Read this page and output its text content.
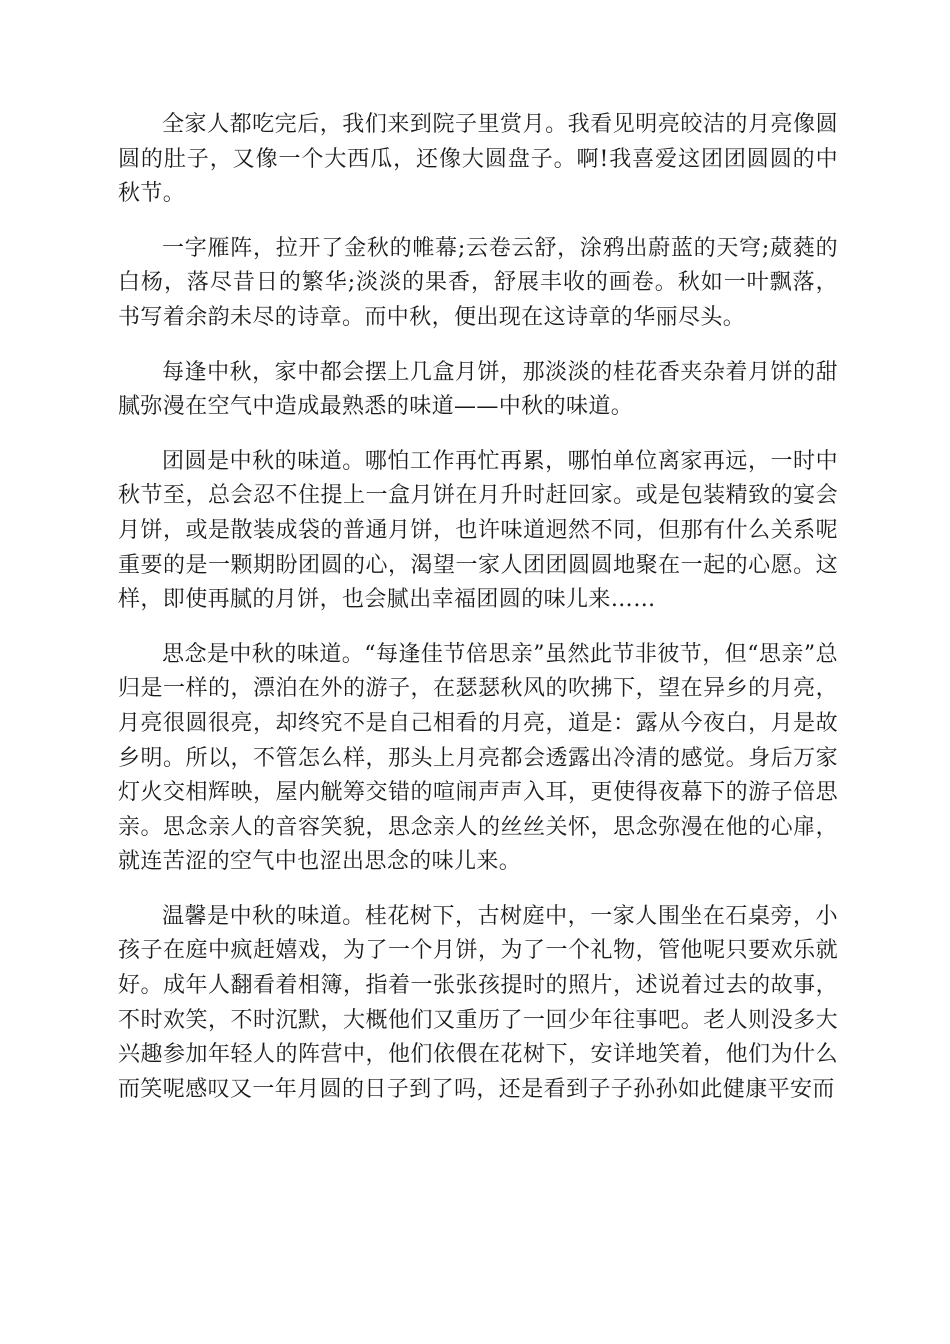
全家人都吃完后，我们来到院子里赏月。我看见明亮皎洁的月亮像圆圆的肚子，又像一个大西瓜，还像大圆盘子。啊!我喜爱这团团圆圆的中秋节。

一字雁阵，拉开了金秋的帷幕;云卷云舒，涂鸦出蔚蓝的天穹;葳蕤的白杨，落尽昔日的繁华;淡淡的果香，舒展丰收的画卷。秋如一叶飘落，书写着余韵未尽的诗章。而中秋，便出现在这诗章的华丽尽头。

每逢中秋，家中都会摆上几盒月饼，那淡淡的桂花香夹杂着月饼的甜腻弥漫在空气中造成最熟悉的味道——中秋的味道。

团圆是中秋的味道。哪怕工作再忙再累，哪怕单位离家再远，一时中秋节至，总会忍不住提上一盒月饼在月升时赶回家。或是包装精致的宴会月饼，或是散装成袋的普通月饼，也许味道迥然不同，但那有什么关系呢重要的是一颗期盼团圆的心，渴望一家人团团圆圆地聚在一起的心愿。这样，即使再腻的月饼，也会腻出幸福团圆的味儿来……

思念是中秋的味道。“每逢佳节倍思亲”虽然此节非彼节，但“思亲”总归是一样的，漂泊在外的游子，在瑟瑟秋风的吹拂下，望在异乡的月亮，月亮很圆很亮，却终究不是自己相看的月亮，道是：露从今夜白，月是故乡明。所以，不管怎么样，那头上月亮都会透露出冷清的感觉。身后万家灯火交相辉映，屋内觥筹交错的喧闹声声入耳，更使得夜幕下的游子倍思亲。思念亲人的音容笑貌，思念亲人的丝丝关怀，思念弥漫在他的心扉，就连苦涩的空气中也涩出思念的味儿来。

温馨是中秋的味道。桂花树下，古树庭中，一家人围坐在石桌旁，小孩子在庭中疯赶嬉戏，为了一个月饼，为了一个礼物，管他呢只要欢乐就好。成年人翻看着相簿，指着一张张孩提时的照片，述说着过去的故事，不时欢笑，不时沉默，大概他们又重历了一回少年往事吧。老人则没多大兴趣参加年轻人的阵营中，他们依偎在花树下，安详地笑着，他们为什么而笑呢感叹又一年月圆的日子到了吗，还是看到子子孙孙如此健康平安而
